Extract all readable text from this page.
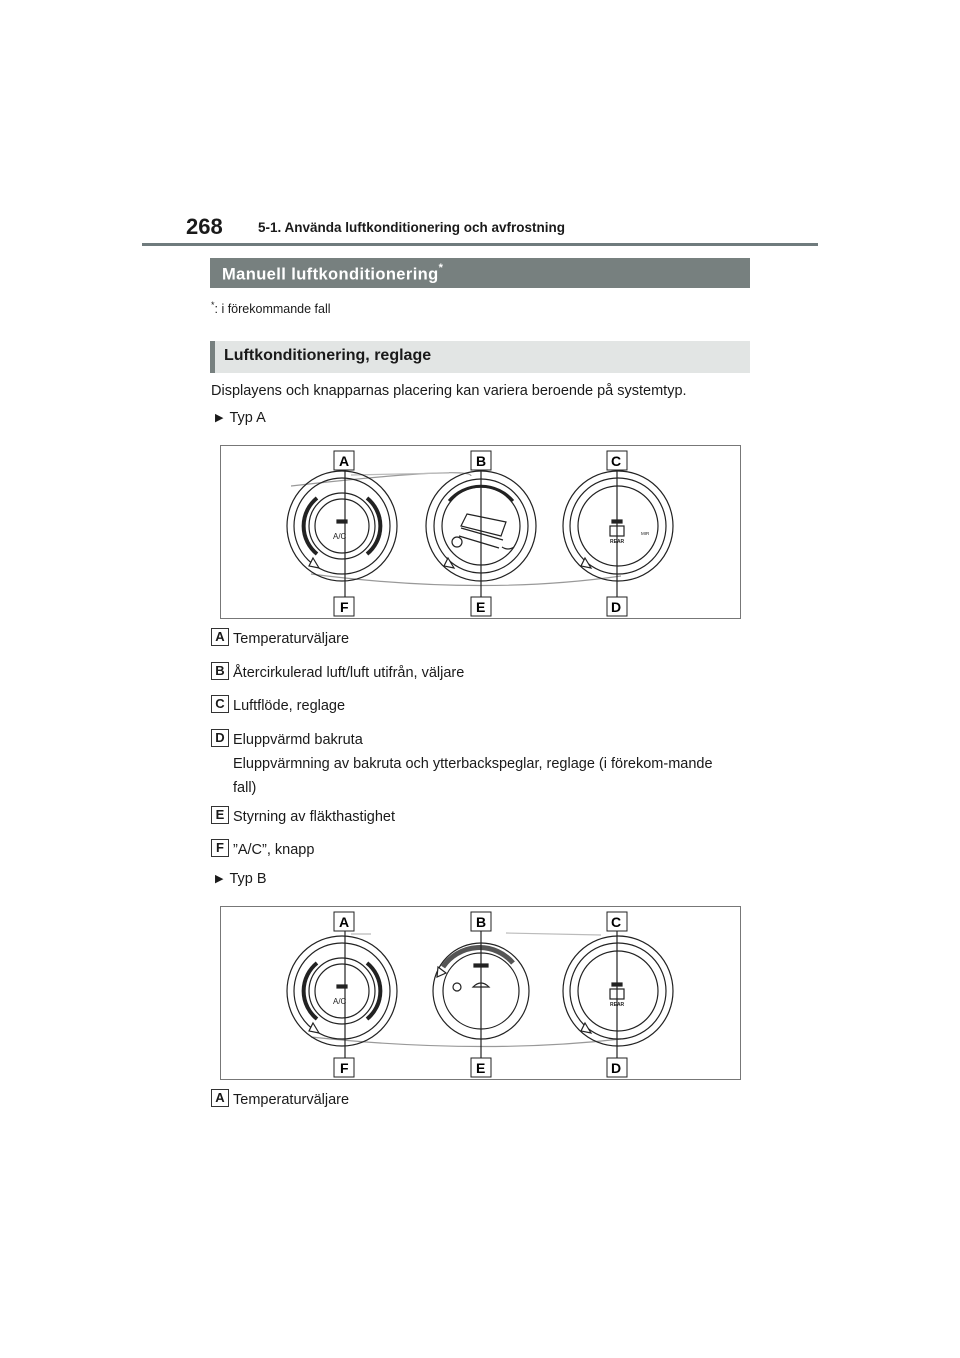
268	5-1. Använda luftkonditionering och avfrostning
Manuell luftkonditionering*
*: i förekommande fall
Luftkonditionering, reglage
Displayens och knapparnas placering kan variera beroende på systemtyp.
▶ Typ A
A/C
REAR
MIR
A	B	C
F	E	D
A Temperaturväljare
B Återcirkulerad luft/luft utifrån, väljare
C Luftflöde, reglage
D Eluppvärmd bakruta
Eluppvärmning av bakruta och ytterbackspeglar, reglage (i förekom-mande fall)
E Styrning av fläkthastighet
F ”A/C”, knapp
▶ Typ B
A/C	REAR
A	B	C
F	E	D
A Temperaturväljare
